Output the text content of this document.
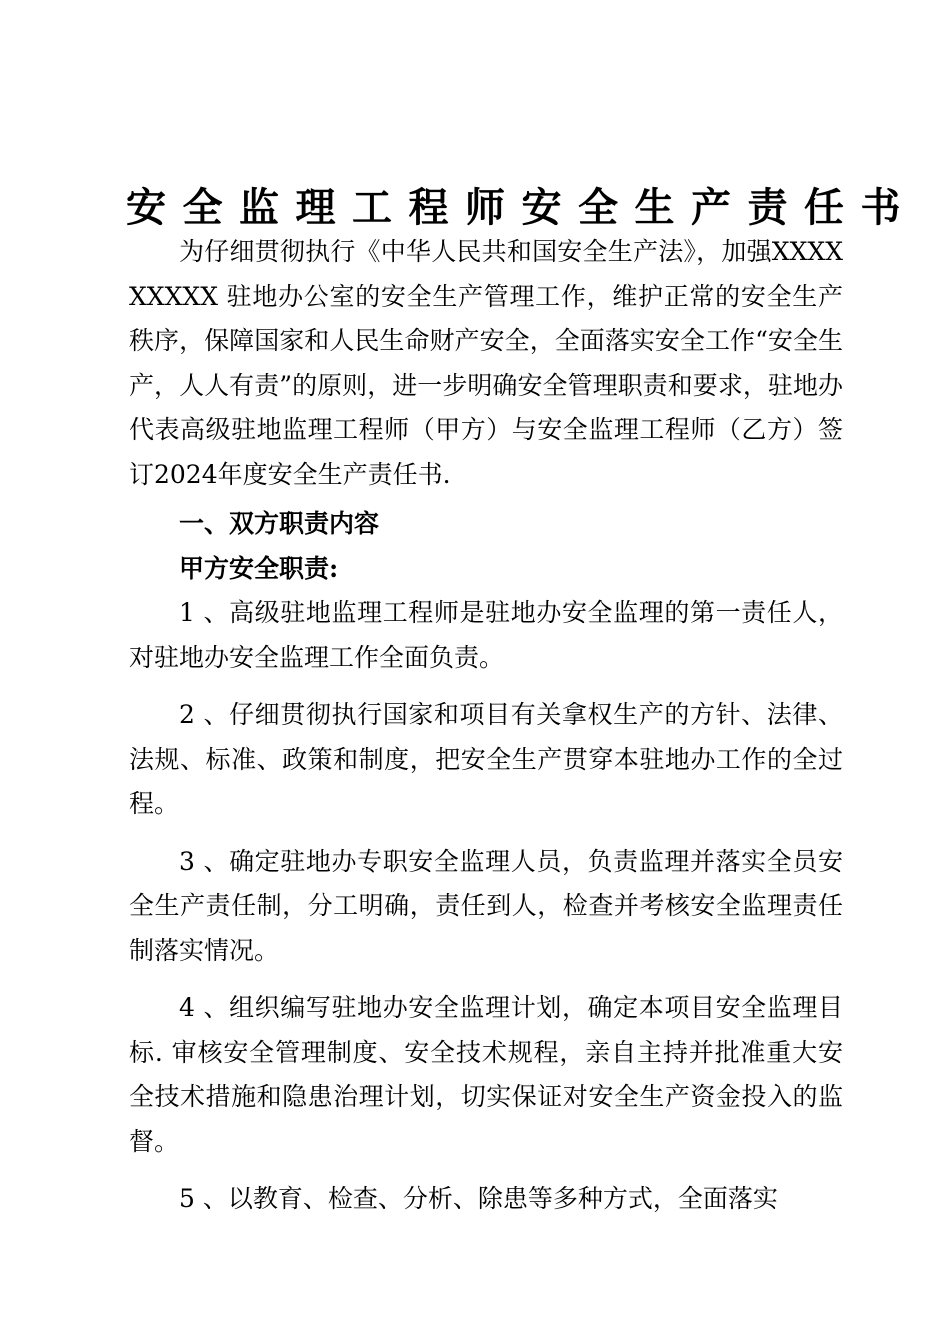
安全监理工程师安全生产责任书

为仔细贯彻执行《中华人民共和国安全生产法》，加强XXXXXXXXX 驻地办公室的安全生产管理工作，维护正常的安全生产秩序，保障国家和人民生命财产安全，全面落实安全工作“安全生产，人人有责”的原则，进一步明确安全管理职责和要求，驻地办代表高级驻地监理工程师（甲方）与安全监理工程师（乙方）签订2024年度安全生产责任书.

一、双方职责内容

甲方安全职责:

1 、高级驻地监理工程师是驻地办安全监理的第一责任人，对驻地办安全监理工作全面负责。

2 、仔细贯彻执行国家和项目有关拿权生产的方针、法律、法规、标准、政策和制度，把安全生产贯穿本驻地办工作的全过程。

3 、确定驻地办专职安全监理人员，负责监理并落实全员安全生产责任制，分工明确，责任到人，检查并考核安全监理责任制落实情况。

4 、组织编写驻地办安全监理计划，确定本项目安全监理目标. 审核安全管理制度、安全技术规程，亲自主持并批准重大安全技术措施和隐患治理计划，切实保证对安全生产资金投入的监督。

5 、以教育、检查、分析、除患等多种方式，全面落实
